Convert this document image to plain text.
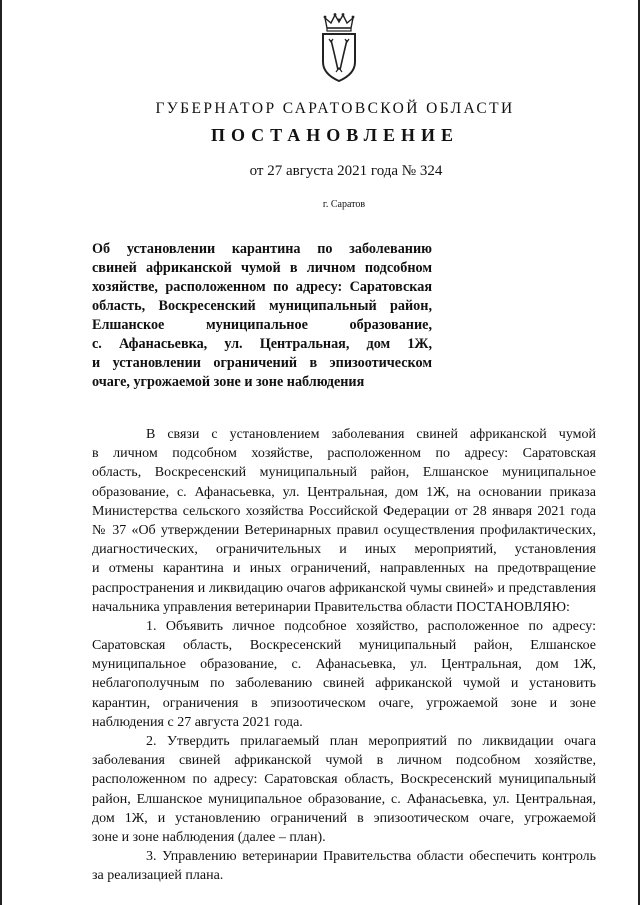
ГУБЕРНАТОР САРАТОВСКОЙ ОБЛАСТИ
ПОСТАНОВЛЕНИЕ
от 27 августа 2021 года № 324
г. Саратов
Об установлении карантина по заболеванию
свиней африканской чумой в личном подсобном
хозяйстве, расположенном по адресу: Саратовская
область, Воскресенский муниципальный район,
Елшанское муниципальное образование,
с. Афанасьевка, ул. Центральная, дом 1Ж,
и установлении ограничений в эпизоотическом
очаге, угрожаемой зоне и зоне наблюдения
В связи с установлением заболевания свиней африканской чумой
в личном подсобном хозяйстве, расположенном по адресу: Саратовская
область, Воскресенский муниципальный район, Елшанское муниципальное
образование, с. Афанасьевка, ул. Центральная, дом 1Ж, на основании приказа
Министерства сельского хозяйства Российской Федерации от 28 января 2021 года
№ 37 «Об утверждении Ветеринарных правил осуществления профилактических,
диагностических, ограничительных и иных мероприятий, установления
и отмены карантина и иных ограничений, направленных на предотвращение
распространения и ликвидацию очагов африканской чумы свиней» и представления
начальника управления ветеринарии Правительства области ПОСТАНОВЛЯЮ:
1. Объявить личное подсобное хозяйство, расположенное по адресу:
Саратовская область, Воскресенский муниципальный район, Елшанское
муниципальное образование, с. Афанасьевка, ул. Центральная, дом 1Ж,
неблагополучным по заболеванию свиней африканской чумой и установить
карантин, ограничения в эпизоотическом очаге, угрожаемой зоне и зоне
наблюдения с 27 августа 2021 года.
2. Утвердить прилагаемый план мероприятий по ликвидации очага
заболевания свиней африканской чумой в личном подсобном хозяйстве,
расположенном по адресу: Саратовская область, Воскресенский муниципальный
район, Елшанское муниципальное образование, с. Афанасьевка, ул. Центральная,
дом 1Ж, и установлению ограничений в эпизоотическом очаге, угрожаемой
зоне и зоне наблюдения (далее – план).
3. Управлению ветеринарии Правительства области обеспечить контроль
за реализацией плана.
